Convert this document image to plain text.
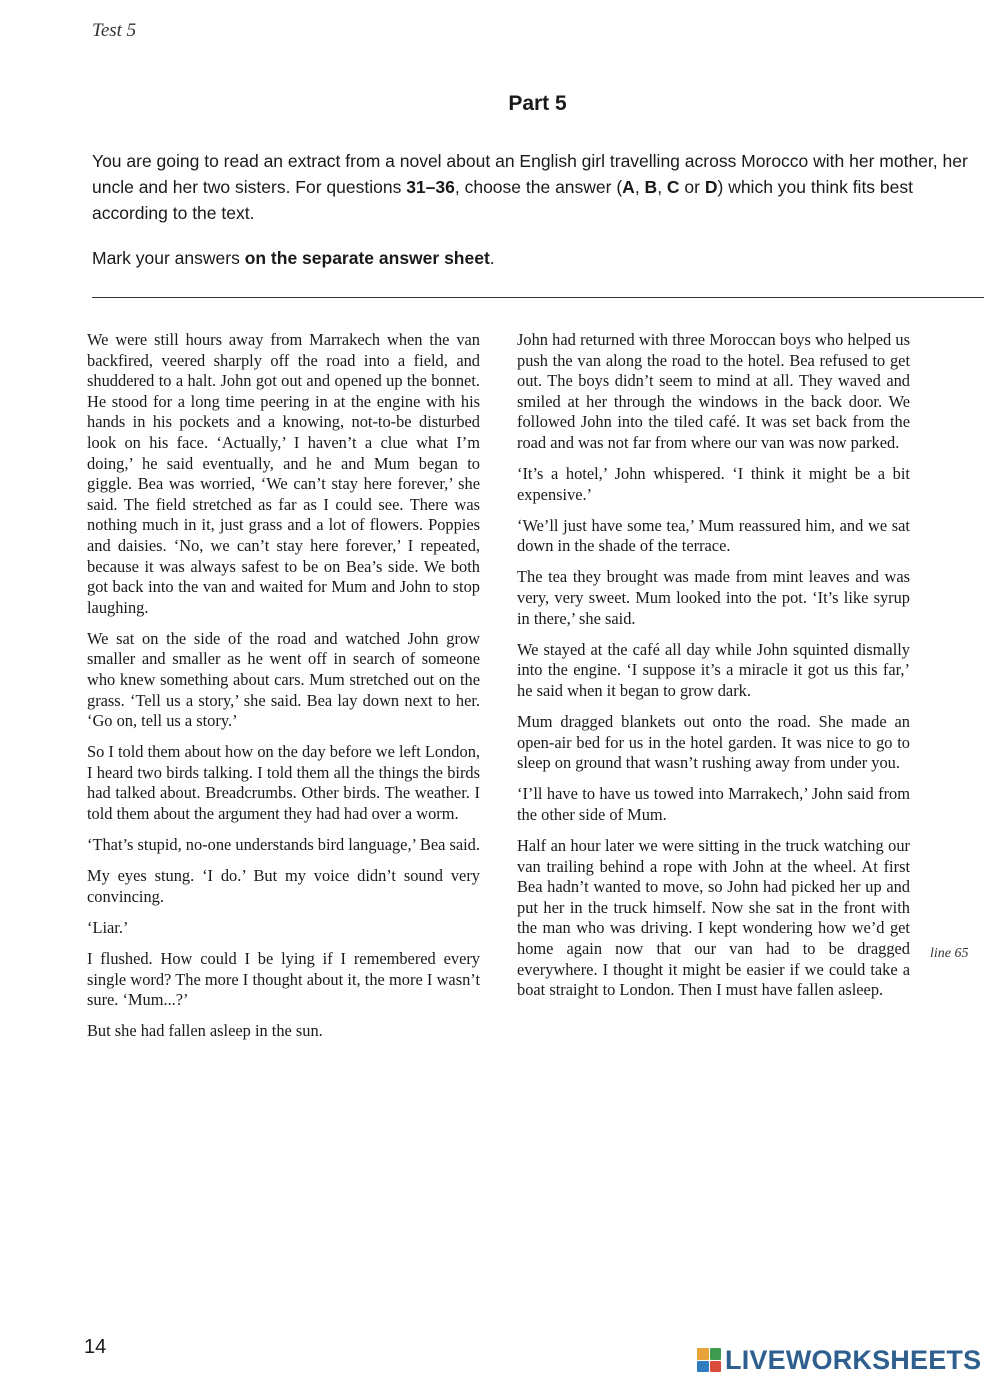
Test 5
Part 5

You are going to read an extract from a novel about an English girl travelling across Morocco with her mother, her uncle and her two sisters. For questions 31–36, choose the answer (A, B, C or D) which you think fits best according to the text.

Mark your answers on the separate answer sheet.

We were still hours away from Marrakech when the van backfired, veered sharply off the road into a field, and shuddered to a halt. John got out and opened up the bonnet. He stood for a long time peering in at the engine with his hands in his pockets and a knowing, not-to-be disturbed look on his face. ‘Actually,’ I haven’t a clue what I’m doing,’ he said eventually, and he and Mum began to giggle. Bea was worried, ‘We can’t stay here forever,’ she said. The field stretched as far as I could see. There was nothing much in it, just grass and a lot of flowers. Poppies and daisies. ‘No, we can’t stay here forever,’ I repeated, because it was always safest to be on Bea’s side. We both got back into the van and waited for Mum and John to stop laughing.

We sat on the side of the road and watched John grow smaller and smaller as he went off in search of someone who knew something about cars. Mum stretched out on the grass. ‘Tell us a story,’ she said. Bea lay down next to her. ‘Go on, tell us a story.’

So I told them about how on the day before we left London, I heard two birds talking. I told them all the things the birds had talked about. Breadcrumbs. Other birds. The weather. I told them about the argument they had had over a worm.

‘That’s stupid, no-one understands bird language,’ Bea said.

My eyes stung. ‘I do.’ But my voice didn’t sound very convincing.

‘Liar.’

I flushed. How could I be lying if I remembered every single word? The more I thought about it, the more I wasn’t sure. ‘Mum...?’

But she had fallen asleep in the sun.

John had returned with three Moroccan boys who helped us push the van along the road to the hotel. Bea refused to get out. The boys didn’t seem to mind at all. They waved and smiled at her through the windows in the back door. We followed John into the tiled café. It was set back from the road and was not far from where our van was now parked.

‘It’s a hotel,’ John whispered. ‘I think it might be a bit expensive.’

‘We’ll just have some tea,’ Mum reassured him, and we sat down in the shade of the terrace.

The tea they brought was made from mint leaves and was very, very sweet. Mum looked into the pot. ‘It’s like syrup in there,’ she said.

We stayed at the café all day while John squinted dismally into the engine. ‘I suppose it’s a miracle it got us this far,’ he said when it began to grow dark.

Mum dragged blankets out onto the road. She made an open-air bed for us in the hotel garden. It was nice to go to sleep on ground that wasn’t rushing away from under you.

‘I’ll have to have us towed into Marrakech,’ John said from the other side of Mum.

Half an hour later we were sitting in the truck watching our van trailing behind a rope with John at the wheel. At first Bea hadn’t wanted to move, so John had picked her up and put her in the truck himself. Now she sat in the front with the man who was driving. I kept wondering how we’d get home again now that our van had to be dragged everywhere. I thought it might be easier if we could take a boat straight to London. Then I must have fallen asleep.

line 65
14	LIVEWORKSHEETS
